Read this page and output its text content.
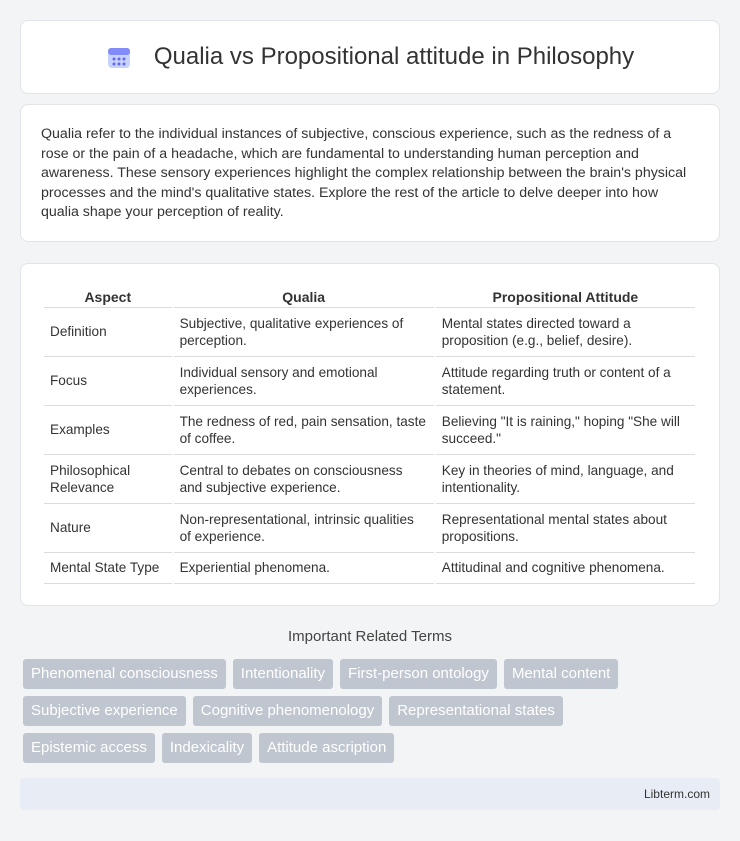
Qualia vs Propositional attitude in Philosophy

Qualia refer to the individual instances of subjective, conscious experience, such as the redness of a rose or the pain of a headache, which are fundamental to understanding human perception and awareness. These sensory experiences highlight the complex relationship between the brain's physical processes and the mind's qualitative states. Explore the rest of the article to delve deeper into how qualia shape your perception of reality.

Aspect	Qualia	Propositional Attitude
Definition	Subjective, qualitative experiences of perception.	Mental states directed toward a proposition (e.g., belief, desire).
Focus	Individual sensory and emotional experiences.	Attitude regarding truth or content of a statement.
Examples	The redness of red, pain sensation, taste of coffee.	Believing "It is raining," hoping "She will succeed."
Philosophical Relevance	Central to debates on consciousness and subjective experience.	Key in theories of mind, language, and intentionality.
Nature	Non-representational, intrinsic qualities of experience.	Representational mental states about propositions.
Mental State Type	Experiential phenomena.	Attitudinal and cognitive phenomena.
Important Related Terms
Phenomenal consciousness	Intentionality	First-person ontology	Mental content
Subjective experience	Cognitive phenomenology	Representational states
Epistemic access	Indexicality	Attitude ascription
Libterm.com
